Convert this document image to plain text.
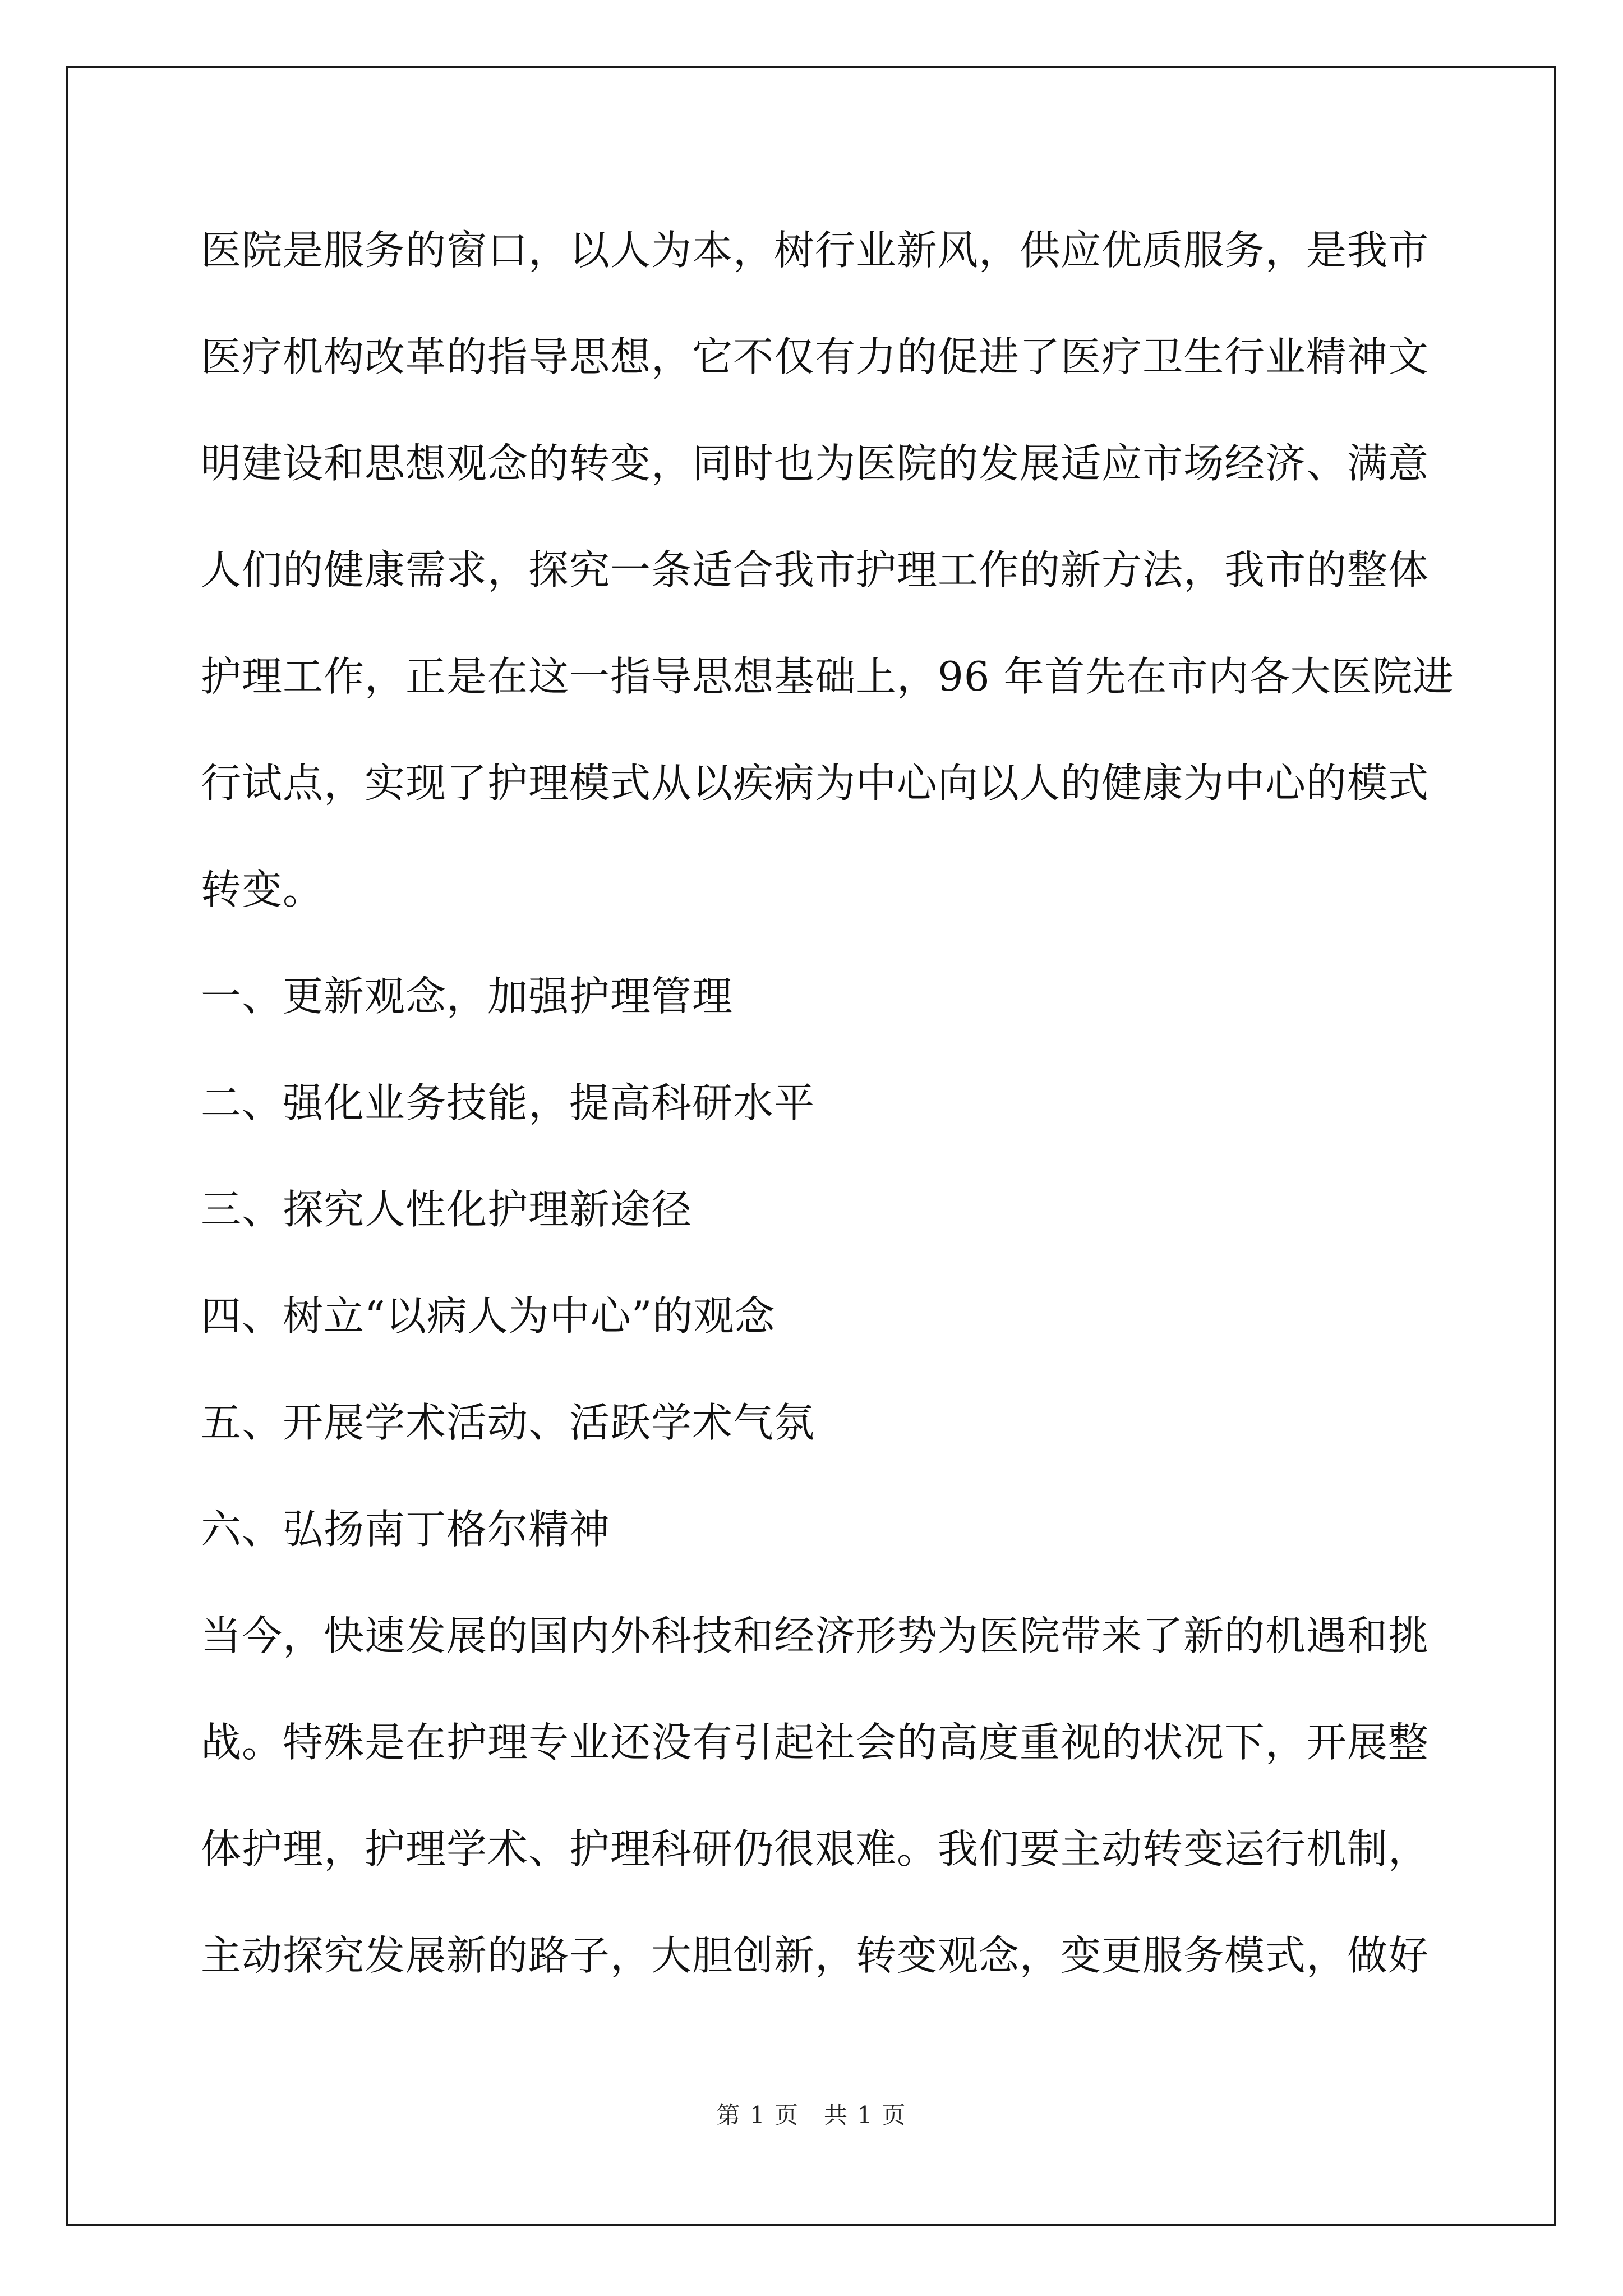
医院是服务的窗口，以人为本，树行业新风，供应优质服务，是我市
医疗机构改革的指导思想，它不仅有力的促进了医疗卫生行业精神文
明建设和思想观念的转变，同时也为医院的发展适应市场经济、满意
人们的健康需求，探究一条适合我市护理工作的新方法，我市的整体
护理工作，正是在这一指导思想基础上，96 年首先在市内各大医院进
行试点，实现了护理模式从以疾病为中心向以人的健康为中心的模式
转变。
一、更新观念，加强护理管理
二、强化业务技能，提高科研水平
三、探究人性化护理新途径
四、树立“以病人为中心”的观念
五、开展学术活动、活跃学术气氛
六、弘扬南丁格尔精神
当今，快速发展的国内外科技和经济形势为医院带来了新的机遇和挑
战。特殊是在护理专业还没有引起社会的高度重视的状况下，开展整
体护理，护理学术、护理科研仍很艰难。我们要主动转变运行机制，
主动探究发展新的路子，大胆创新，转变观念，变更服务模式，做好
第 1 页　共 1 页
